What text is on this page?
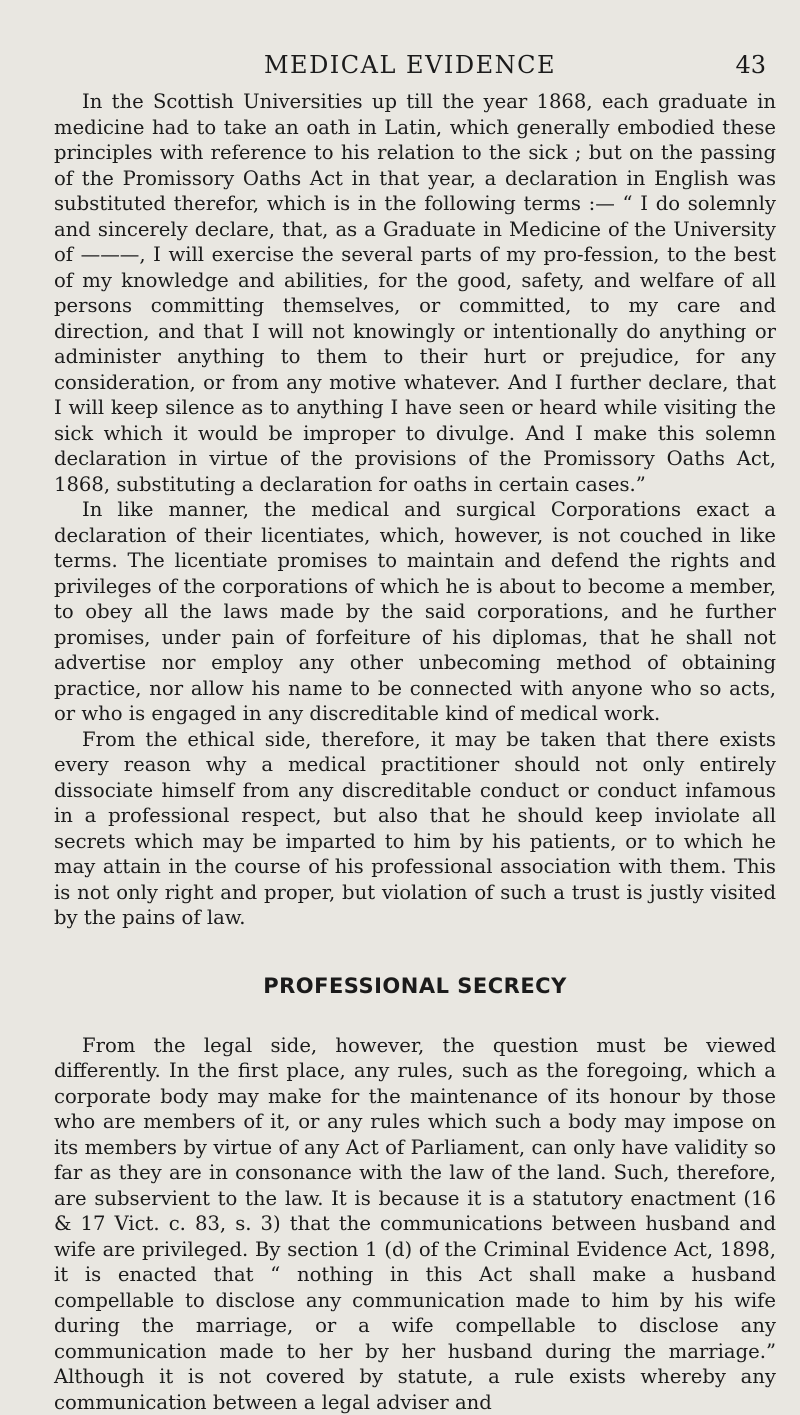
MEDICAL EVIDENCE	43

In the Scottish Universities up till the year 1868, each graduate in medicine had to take an oath in Latin, which generally embodied these principles with reference to his relation to the sick ; but on the passing of the Promissory Oaths Act in that year, a declaration in English was substituted therefor, which is in the following terms :— “ I do solemnly and sincerely declare, that, as a Graduate in Medicine of the University of ———, I will exercise the several parts of my pro-fession, to the best of my knowledge and abilities, for the good, safety, and welfare of all persons committing themselves, or committed, to my care and direction, and that I will not knowingly or intentionally do anything or administer anything to them to their hurt or prejudice, for any consideration, or from any motive whatever. And I further declare, that I will keep silence as to anything I have seen or heard while visiting the sick which it would be improper to divulge. And I make this solemn declaration in virtue of the provisions of the Promissory Oaths Act, 1868, substituting a declaration for oaths in certain cases.”

In like manner, the medical and surgical Corporations exact a declaration of their licentiates, which, however, is not couched in like terms. The licentiate promises to maintain and defend the rights and privileges of the corporations of which he is about to become a member, to obey all the laws made by the said corporations, and he further promises, under pain of forfeiture of his diplomas, that he shall not advertise nor employ any other unbecoming method of obtaining practice, nor allow his name to be connected with anyone who so acts, or who is engaged in any discreditable kind of medical work.

From the ethical side, therefore, it may be taken that there exists every reason why a medical practitioner should not only entirely dissociate himself from any discreditable conduct or conduct infamous in a professional respect, but also that he should keep inviolate all secrets which may be imparted to him by his patients, or to which he may attain in the course of his professional association with them. This is not only right and proper, but violation of such a trust is justly visited by the pains of law.

PROFESSIONAL SECRECY

From the legal side, however, the question must be viewed differently. In the first place, any rules, such as the foregoing, which a corporate body may make for the maintenance of its honour by those who are members of it, or any rules which such a body may impose on its members by virtue of any Act of Parliament, can only have validity so far as they are in consonance with the law of the land. Such, therefore, are subservient to the law. It is because it is a statutory enactment (16 & 17 Vict. c. 83, s. 3) that the communications between husband and wife are privileged. By section 1 (d) of the Criminal Evidence Act, 1898, it is enacted that “ nothing in this Act shall make a husband compellable to disclose any communication made to him by his wife during the marriage, or a wife compellable to disclose any communication made to her by her husband during the marriage.” Although it is not covered by statute, a rule exists whereby any communication between a legal adviser and
